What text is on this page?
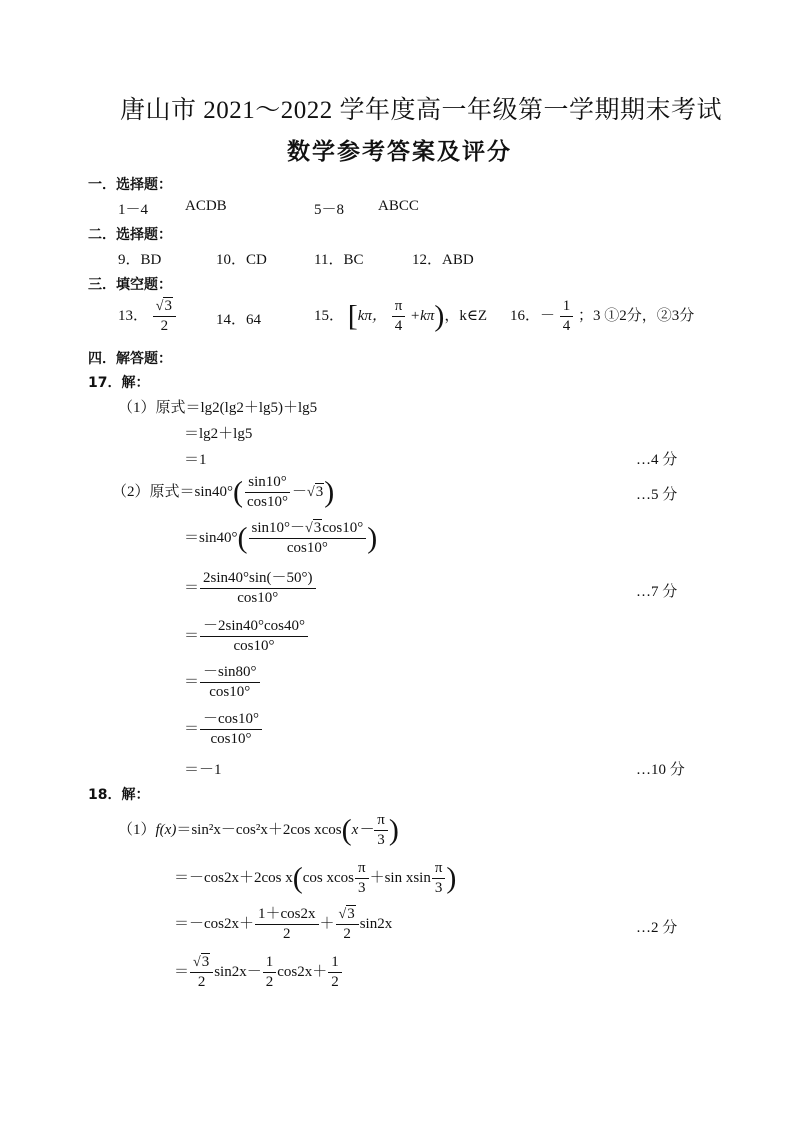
唐山市 2021～2022 学年度高一年级第一学期期末考试
数学参考答案及评分
一．选择题：
1－4 ACDB	5－8 ABCC
二．选择题：
9．BD	10．CD	11．BC	12．ABD
三．填空题：
13． √ $\frac{3}{2}$	14．64	15． [kπ， $\frac{\pi}{4} +k\pi$)，k∈Z 16．－ $\frac{1}{4}$ ；3 ①2分，②3分
四．解答题：
17．解：
（1）原式＝lg2(lg2＋lg5)＋lg5
＝lg2＋lg5
＝1	…4 分
（2）原式$=\sin 40^\circ( \frac{\sin 10^\circ}{\cos 10^\circ}$ － √ 3)	…5 分
$=\sin 40^\circ( \frac{\sin 10^\circ- √ 3\cos 10^\circ}{\cos 10^\circ}$ )
＝ $\frac{2\sin 40^\circ\sin(-50^\circ)}{\cos 10^\circ}$	…7 分
＝ $\frac{-2\sin 40^\circ\cos 40^\circ}{\cos 10^\circ}$
＝ $\frac{-\sin 80^\circ}{\cos 10^\circ}$
＝ $\frac{-\cos 10^\circ}{\cos 10^\circ}$
＝－1	…10 分
18．解：
（1）f(x)＝sin²x－cos²x＋2cos $xcos(x- \frac{\pi}{3}$ )
＝－cos2x＋2cos x(cos xcos $\frac{\pi}{3} +\sin$ xsin $\frac{\pi}{3}$ )
$=-\cos 2x+ \frac{1+\cos 2x}{2}$ ＋ √ $\frac{3}{2} \sin 2x$	…2 分
＝ √ $\frac{3}{2} \sin 2x- \frac{1}{2} \cos 2x+ \frac{1}{2}$
